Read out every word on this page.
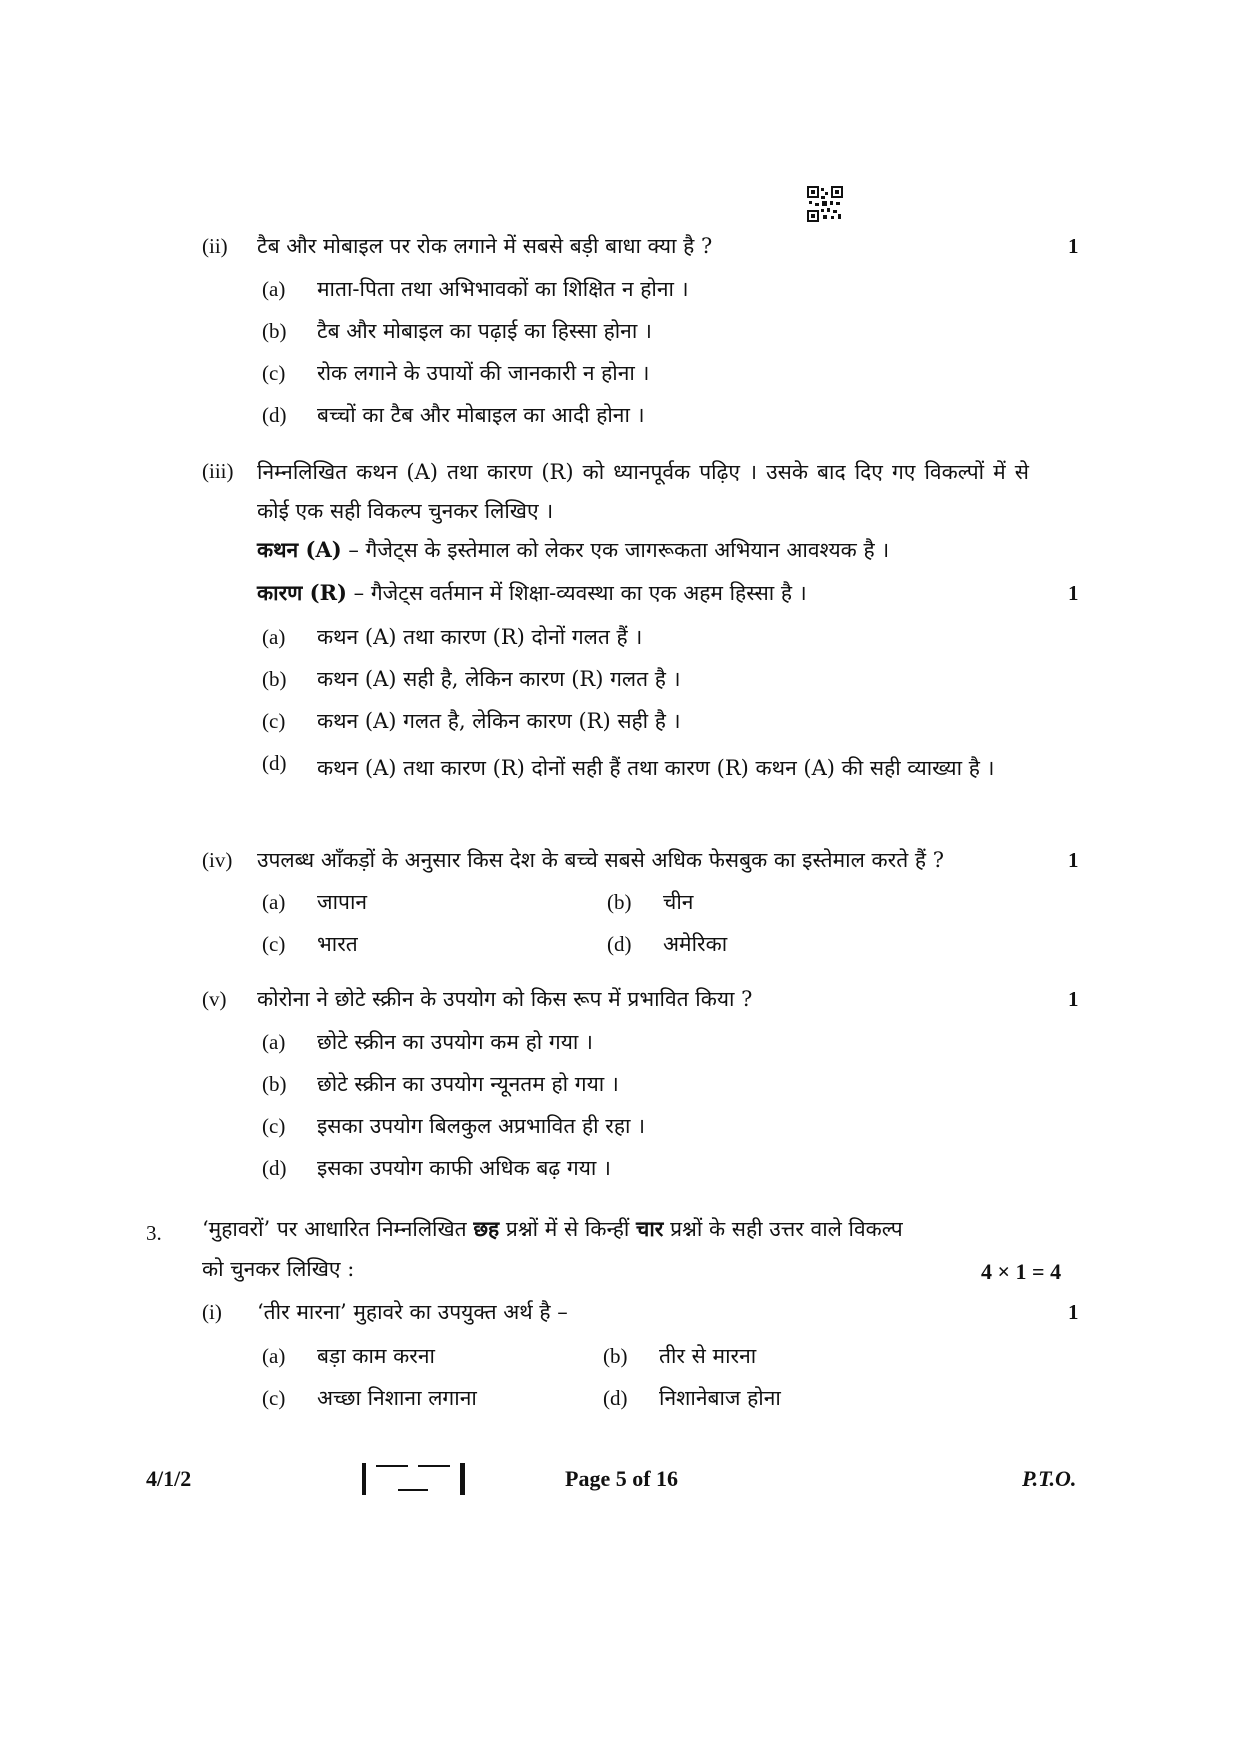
(ii) टैब और मोबाइल पर रोक लगाने में सबसे बड़ी बाधा क्या है ?	1
(a) माता-पिता तथा अभिभावकों का शिक्षित न होना ।
(b) टैब और मोबाइल का पढ़ाई का हिस्सा होना ।
(c) रोक लगाने के उपायों की जानकारी न होना ।
(d) बच्चों का टैब और मोबाइल का आदी होना ।
(iii) निम्नलिखित कथन (A) तथा कारण (R) को ध्यानपूर्वक पढ़िए । उसके बाद दिए गए विकल्पों में से कोई एक सही विकल्प चुनकर लिखिए ।
कथन (A) – गैजेट्स के इस्तेमाल को लेकर एक जागरूकता अभियान आवश्यक है ।
कारण (R) – गैजेट्स वर्तमान में शिक्षा-व्यवस्था का एक अहम हिस्सा है ।	1
(a) कथन (A) तथा कारण (R) दोनों गलत हैं ।
(b) कथन (A) सही है, लेकिन कारण (R) गलत है ।
(c) कथन (A) गलत है, लेकिन कारण (R) सही है ।
(d) कथन (A) तथा कारण (R) दोनों सही हैं तथा कारण (R) कथन (A) की सही व्याख्या है ।
(iv) उपलब्ध आँकड़ों के अनुसार किस देश के बच्चे सबसे अधिक फेसबुक का इस्तेमाल करते हैं ?	1
(a) जापान	(b) चीन
(c) भारत	(d) अमेरिका
(v) कोरोना ने छोटे स्क्रीन के उपयोग को किस रूप में प्रभावित किया ?	1
(a) छोटे स्क्रीन का उपयोग कम हो गया ।
(b) छोटे स्क्रीन का उपयोग न्यूनतम हो गया ।
(c) इसका उपयोग बिलकुल अप्रभावित ही रहा ।
(d) इसका उपयोग काफी अधिक बढ़ गया ।
3. ‘मुहावरों’ पर आधारित निम्नलिखित छह प्रश्नों में से किन्हीं चार प्रश्नों के सही उत्तर वाले विकल्प
को चुनकर लिखिए :	4 × 1 = 4
(i) ‘तीर मारना’ मुहावरे का उपयुक्त अर्थ है –	1
(a) बड़ा काम करना	(b) तीर से मारना
(c) अच्छा निशाना लगाना	(d) निशानेबाज होना
4/1/2	Page 5 of 16	P.T.O.
